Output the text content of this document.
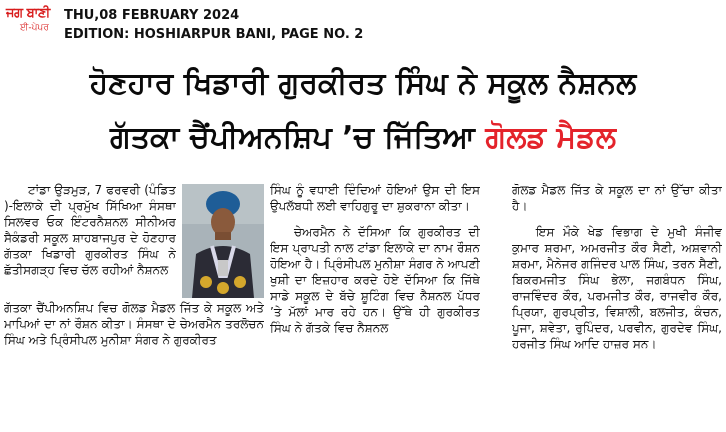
ਜਗ ਬਾਣੀ
ਈ-ਪੇਪਰ
THU,08 FEBRUARY 2024
EDITION: HOSHIARPUR BANI, PAGE NO. 2
ਹੋਣਹਾਰ ਖਿਡਾਰੀ ਗੁਰਕੀਰਤ ਸਿੰਘ ਨੇ ਸਕੂਲ ਨੈਸ਼ਨਲ
ਗੱਤਕਾ ਚੈਂਪੀਅਨਸ਼ਿਪ ’ਚ ਜਿੱਤਿਆ ਗੋਲਡ ਮੈਡਲ

ਟਾਂਡਾ ਉੜਮੁੜ, 7 ਫਰਵਰੀ (ਪੰਡਿਤ )-ਇਲਾਕੇ ਦੀ ਪ੍ਰਮੁੱਖ ਸਿੱਖਿਆ ਸੰਸਥਾ ਸਿਲਵਰ ਓਕ ਇੰਟਰਨੈਸ਼ਨਲ ਸੀਨੀਅਰ ਸੈਕੰਡਰੀ ਸਕੂਲ ਸ਼ਾਹਬਾਜਪੁਰ ਦੇ ਹੋਣਹਾਰ ਗੱਤਕਾ ਖਿਡਾਰੀ ਗੁਰਕੀਰਤ ਸਿੰਘ ਨੇ ਛੱਤੀਸਗੜ੍ਹ ਵਿਚ ਚੱਲ ਰਹੀਆਂ ਨੈਸ਼ਨਲ

ਗੱਤਕਾ ਚੈਂਪੀਅਨਸ਼ਿਪ ਵਿਚ ਗੋਲਡ ਮੈਡਲ ਜਿੱਤ ਕੇ ਸਕੂਲ ਅਤੇ ਮਾਪਿਆਂ ਦਾ ਨਾਂ ਰੌਸ਼ਨ ਕੀਤਾ। ਸੰਸਥਾ ਦੇ ਚੇਅਰਮੈਨ ਤਰਲੋਚਨ ਸਿੰਘ ਅਤੇ ਪ੍ਰਿੰਸੀਪਲ ਮੁਨੀਸ਼ਾ ਸੰਗਰ ਨੇ ਗੁਰਕੀਰਤ

ਸਿੰਘ ਨੂੰ ਵਧਾਈ ਦਿੰਦਿਆਂ ਹੋਇਆਂ ਉਸ ਦੀ ਇਸ ਉਪਲੱਬਧੀ ਲਈ ਵਾਹਿਗੁਰੂ ਦਾ ਸ਼ੁਕਰਾਨਾ ਕੀਤਾ।

ਚੇਅਰਮੈਨ ਨੇ ਦੱਸਿਆ ਕਿ ਗੁਰਕੀਰਤ ਦੀ ਇਸ ਪ੍ਰਾਪਤੀ ਨਾਲ ਟਾਂਡਾ ਇਲਾਕੇ ਦਾ ਨਾਮ ਰੌਸ਼ਨ ਹੋਇਆ ਹੈ। ਪ੍ਰਿੰਸੀਪਲ ਮੁਨੀਸ਼ਾ ਸੰਗਰ ਨੇ ਆਪਣੀ ਖੁਸ਼ੀ ਦਾ ਇਜ਼ਹਾਰ ਕਰਦੇ ਹੋਏ ਦੱਸਿਆ ਕਿ ਜਿੱਥੇ ਸਾਡੇ ਸਕੂਲ ਦੇ ਬੱਚੇ ਸ਼ੂਟਿੰਗ ਵਿਚ ਨੈਸ਼ਨਲ ਪੱਧਰ ’ਤੇ ਮੱਲਾਂ ਮਾਰ ਰਹੇ ਹਨ। ਉੱਥੇ ਹੀ ਗੁਰਕੀਰਤ ਸਿੰਘ ਨੇ ਗੱਤਕੇ ਵਿਚ ਨੈਸ਼ਨਲ

ਗੋਲਡ ਮੈਡਲ ਜਿੱਤ ਕੇ ਸਕੂਲ ਦਾ ਨਾਂ ਉੱਚਾ ਕੀਤਾ ਹੈ।

ਇਸ ਮੌਕੇ ਖੇਡ ਵਿਭਾਗ ਦੇ ਮੁਖੀ ਸੰਜੀਵ ਕੁਮਾਰ ਸ਼ਰਮਾ, ਅਮਰਜੀਤ ਕੌਰ ਸੈਣੀ, ਅਸ਼ਵਾਨੀ ਸ਼ਰਮਾ, ਮੈਨੇਜਰ ਗਜਿੰਦਰ ਪਾਲ ਸਿੰਘ, ਤਰਨ ਸੈਣੀ, ਬਿਕਰਮਜੀਤ ਸਿੰਘ ਭੇਲਾ, ਜਗਬੰਧਨ ਸਿੰਘ, ਰਾਜਵਿੰਦਰ ਕੌਰ, ਪਰਮਜੀਤ ਕੌਰ, ਰਾਜਵੀਰ ਕੌਰ, ਪ੍ਰਿਯਾ, ਗੁਰਪ੍ਰੀਤ, ਵਿਸ਼ਾਲੀ, ਬਲਜੀਤ, ਕੰਚਨ, ਪੂਜਾ, ਸ਼ਵੇਤਾ, ਰੁਪਿੰਦਰ, ਪਰਵੀਨ, ਗੁਰਦੇਵ ਸਿੰਘ, ਹਰਜੀਤ ਸਿੰਘ ਆਦਿ ਹਾਜ਼ਰ ਸਨ।
